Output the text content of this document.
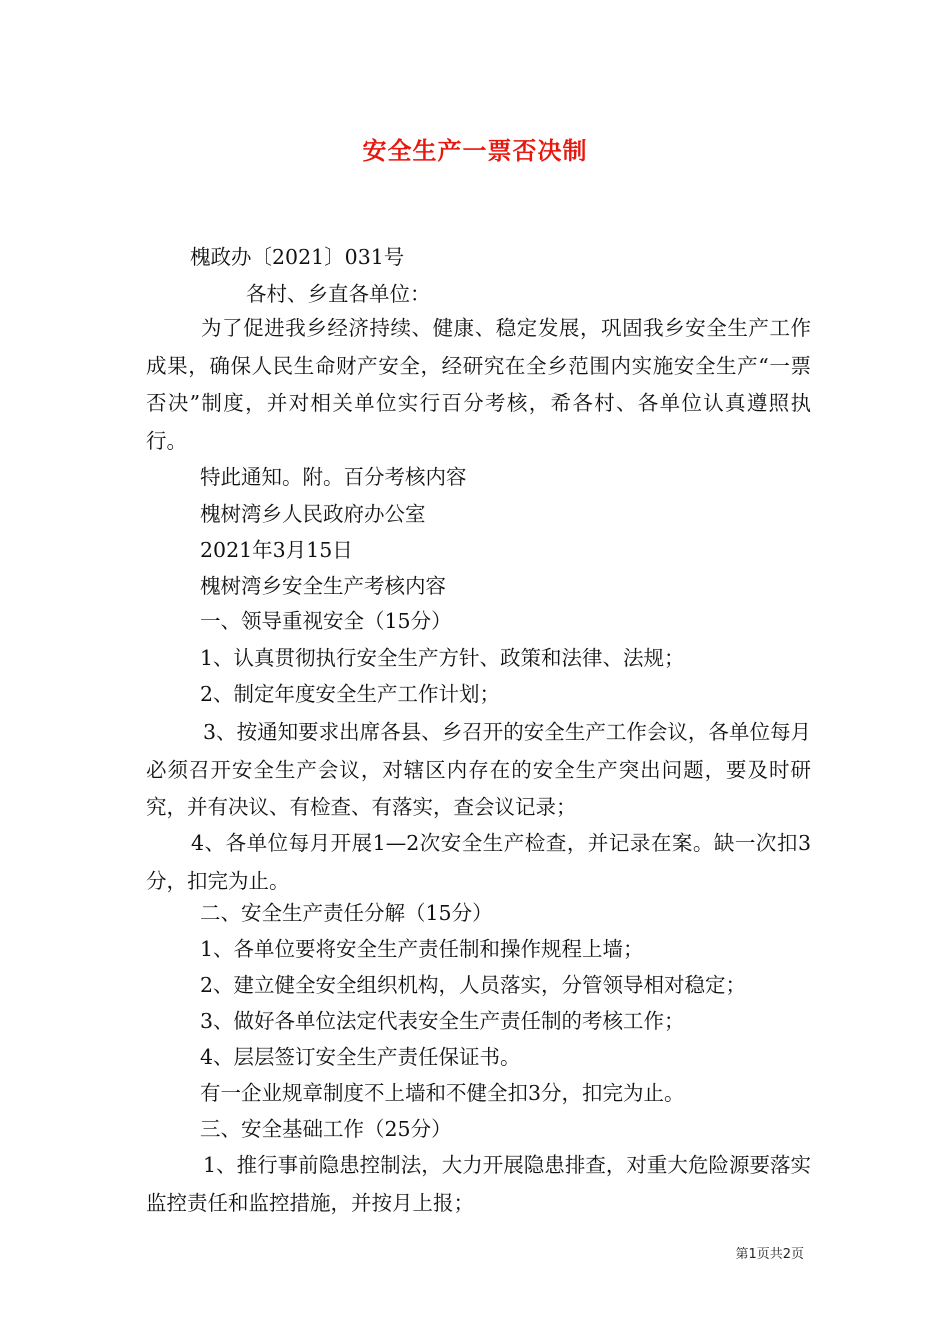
安全生产一票否决制
槐政办〔2021〕031号
各村、乡直各单位：
为了促进我乡经济持续、健康、稳定发展，巩固我乡安全生产工作成果，确保人民生命财产安全，经研究在全乡范围内实施安全生产“一票否决”制度，并对相关单位实行百分考核，希各村、各单位认真遵照执行。
特此通知。附。百分考核内容
槐树湾乡人民政府办公室
2021年3月15日
槐树湾乡安全生产考核内容
一、领导重视安全（15分）
1、认真贯彻执行安全生产方针、政策和法律、法规；
2、制定年度安全生产工作计划；
3、按通知要求出席各县、乡召开的安全生产工作会议，各单位每月必须召开安全生产会议，对辖区内存在的安全生产突出问题，要及时研究，并有决议、有检查、有落实，查会议记录；
4、各单位每月开展1—2次安全生产检查，并记录在案。缺一次扣3分，扣完为止。
二、安全生产责任分解（15分）
1、各单位要将安全生产责任制和操作规程上墙；
2、建立健全安全组织机构，人员落实，分管领导相对稳定；
3、做好各单位法定代表安全生产责任制的考核工作；
4、层层签订安全生产责任保证书。
有一企业规章制度不上墙和不健全扣3分，扣完为止。
三、安全基础工作（25分）
1、推行事前隐患控制法，大力开展隐患排查，对重大危险源要落实监控责任和监控措施，并按月上报；
第1页共2页
